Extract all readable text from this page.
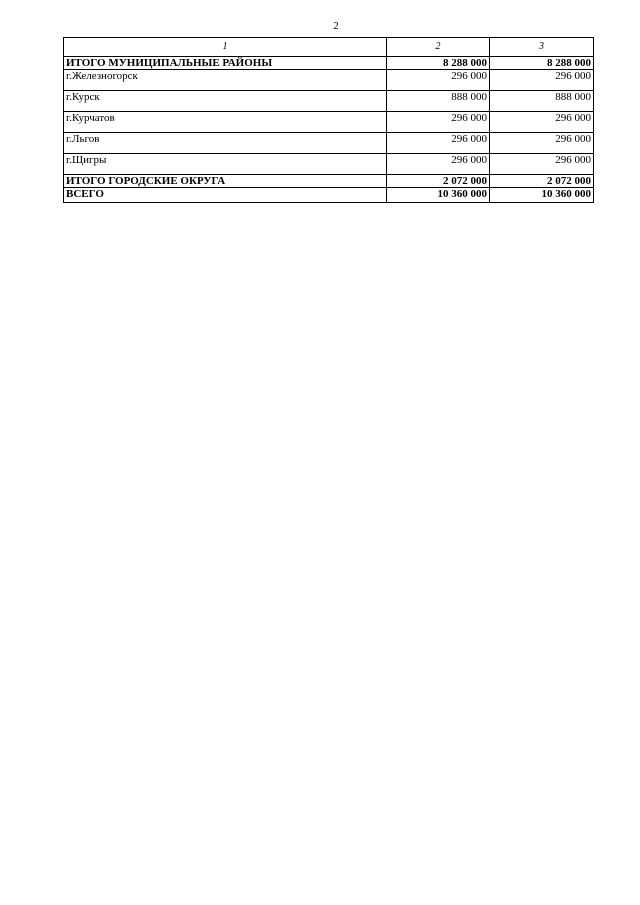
2
1	2	3
ИТОГО МУНИЦИПАЛЬНЫЕ РАЙОНЫ	8 288 000	8 288 000
г.Железногорск	296 000	296 000
г.Курск	888 000	888 000
г.Курчатов	296 000	296 000
г.Льгов	296 000	296 000
г.Щигры	296 000	296 000
ИТОГО ГОРОДСКИЕ ОКРУГА	2 072 000	2 072 000
ВСЕГО	10 360 000	10 360 000
